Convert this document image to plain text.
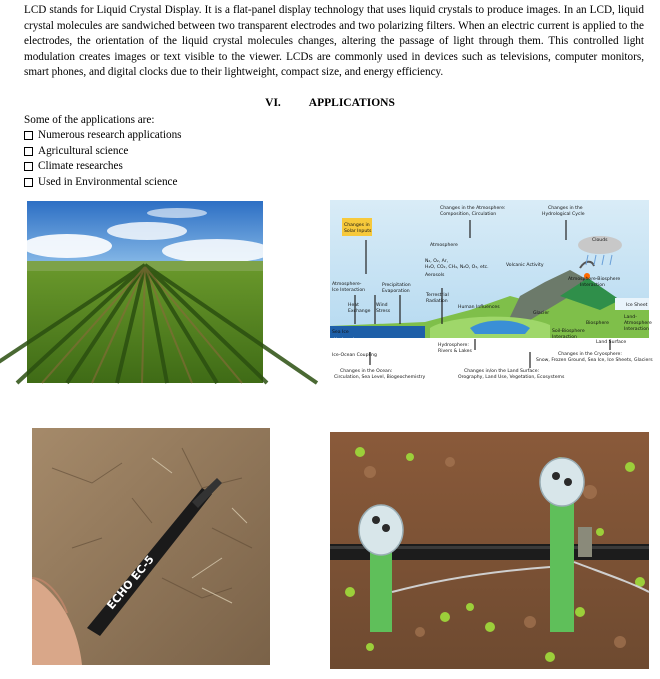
LCD stands for Liquid Crystal Display. It is a flat-panel display technology that uses liquid crystals to produce images. In an LCD, liquid crystal molecules are sandwiched between two transparent electrodes and two polarizing filters. When an electric current is applied to the electrodes, the orientation of the liquid crystal molecules changes, altering the passage of light through them. This controlled light modulation creates images or text visible to the viewer. LCDs are commonly used in devices such as televisions, computer monitors, smart phones, and digital clocks due to their lightweight, compact size, and energy efficiency.

VI. APPLICATIONS
Some of the applications are:
Numerous research applications
Agricultural science
Climate researches
Used in Environmental science
Changes in
Solar Inputs
Changes in the Atmosphere:
Composition, Circulation
Changes in the
Hydrological Cycle
Atmosphere
Clouds
N₂, O₂, Ar,
H₂O, CO₂, CH₄, N₂O, O₃, etc.
Aerosols
Volcanic Activity
Atmosphere-Biosphere
Interaction
Atmosphere-
Ice Interaction
Precipitation
Evaporation
Heat
Exchange
Wind
Stress
Terrestrial
Radiation
Human Influences
Glacier
Ice Sheet
Biosphere
Land-
Atmosphere
Interaction
Soil-Biosphere
Interaction
Land Surface
Sea Ice
Hydrosphere:
Ocean
Ice-Ocean Coupling
Hydrosphere:
Rivers & Lakes
Changes in the Ocean:
Circulation, Sea Level, Biogeochemistry
Changes in/on the Land Surface:
Orography, Land Use, Vegetation, Ecosystems
Changes in the Cryosphere:
Snow, Frozen Ground, Sea Ice, Ice Sheets, Glaciers
ECHO EC-5
